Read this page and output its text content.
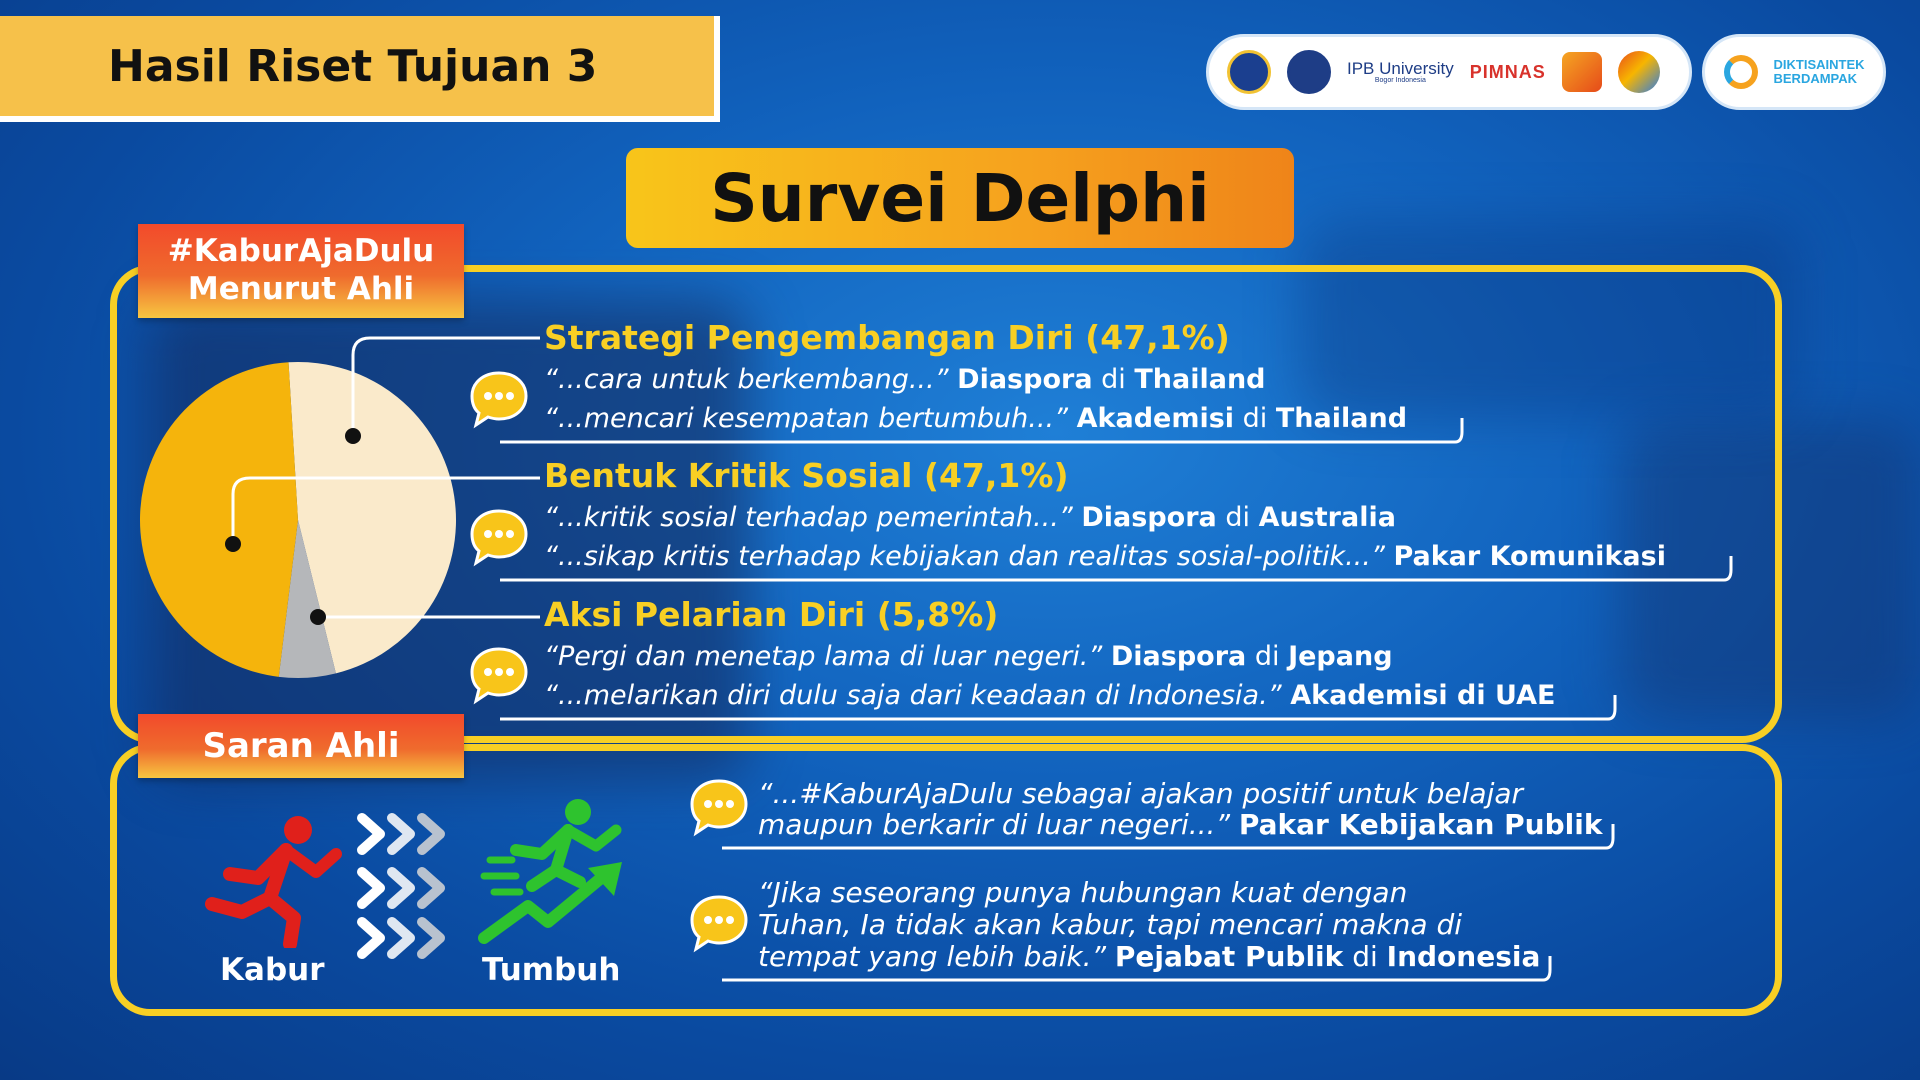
Hasil Riset Tujuan 3	IPB University
Bogor Indonesia	PIMNAS	DIKTISAINTEK
BERDAMPAK
Survei Delphi
#KaburAjaDulu
Menurut Ahli
Strategi Pengembangan Diri (47,1%)
“...cara untuk berkembang...” Diaspora di Thailand
“...mencari kesempatan bertumbuh...” Akademisi di Thailand
Bentuk Kritik Sosial (47,1%)
“...kritik sosial terhadap pemerintah...” Diaspora di Australia
“...sikap kritis terhadap kebijakan dan realitas sosial-politik...” Pakar Komunikasi
Aksi Pelarian Diri (5,8%)
“Pergi dan menetap lama di luar negeri.” Diaspora di Jepang
“...melarikan diri dulu saja dari keadaan di Indonesia.” Akademisi di UAE
Saran Ahli
Kabur	Tumbuh
“...#KaburAjaDulu sebagai ajakan positif untuk belajar
maupun berkarir di luar negeri...” Pakar Kebijakan Publik
“Jika seseorang punya hubungan kuat dengan
Tuhan, Ia tidak akan kabur, tapi mencari makna di
tempat yang lebih baik.” Pejabat Publik di Indonesia
